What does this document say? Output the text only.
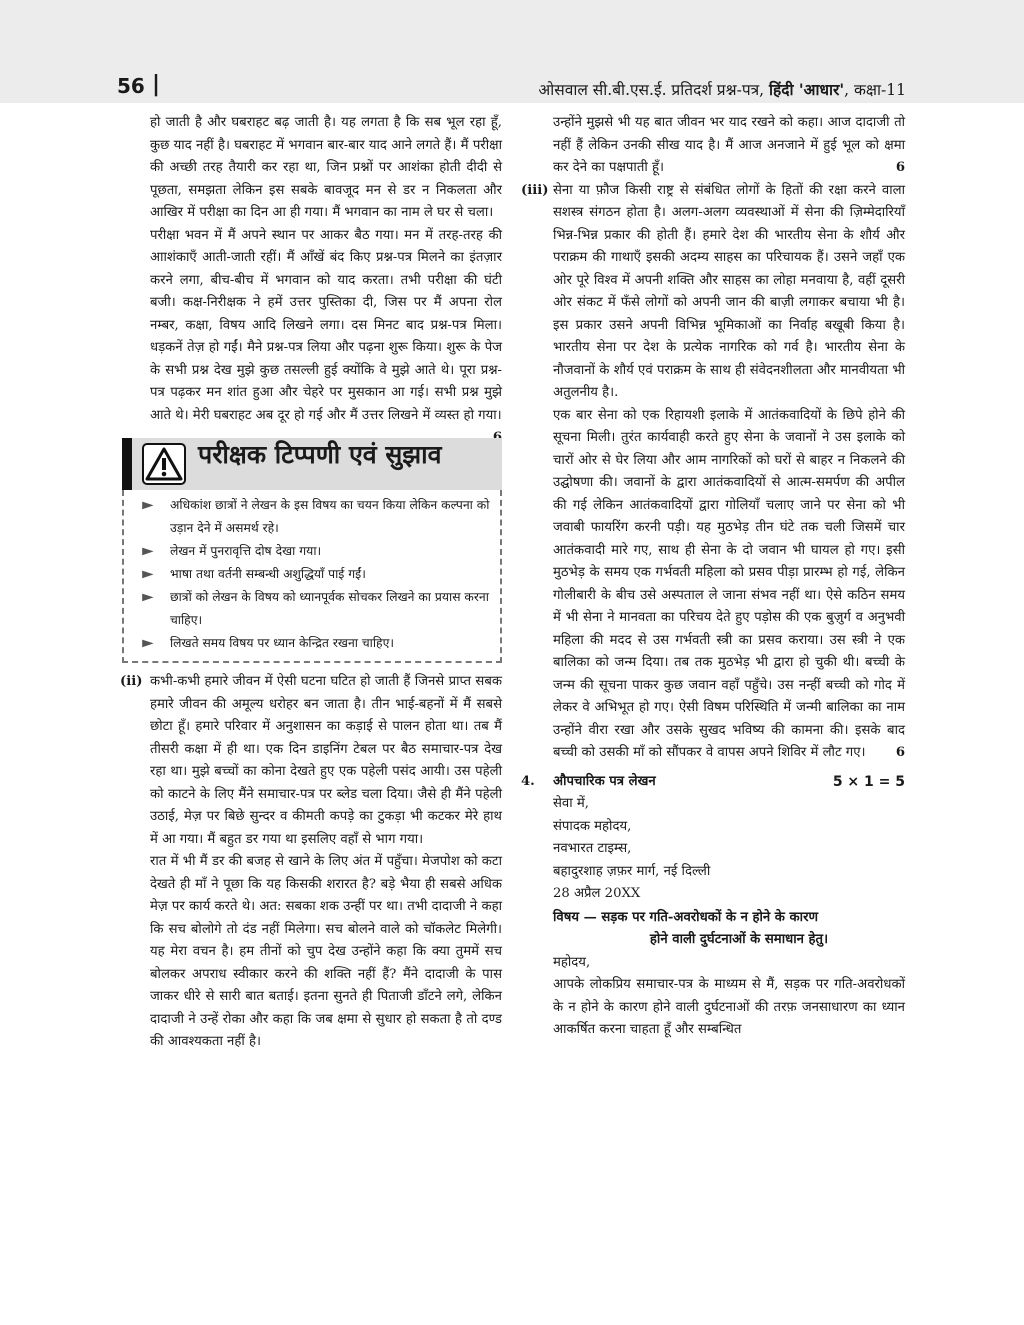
56 |	ओसवाल सी.बी.एस.ई. प्रतिदर्श प्रश्न-पत्र, हिंदी 'आधार', कक्षा-11

हो जाती है और घबराहट बढ़ जाती है। यह लगता है कि सब भूल रहा हूँ, कुछ याद नहीं है। घबराहट में भगवान बार-बार याद आने लगते हैं। मैं परीक्षा की अच्छी तरह तैयारी कर रहा था, जिन प्रश्नों पर आशंका होती दीदी से पूछता, समझता लेकिन इस सबके बावजूद मन से डर न निकलता और आखिर में परीक्षा का दिन आ ही गया। मैं भगवान का नाम ले घर से चला।

परीक्षा भवन में मैं अपने स्थान पर आकर बैठ गया। मन में तरह-तरह की आाशंकाएँ आती-जाती रहीं। मैं आँखें बंद किए प्रश्न-पत्र मिलने का इंतज़ार करने लगा, बीच-बीच में भगवान को याद करता। तभी परीक्षा की घंटी बजी। कक्ष-निरीक्षक ने हमें उत्तर पुस्तिका दी, जिस पर मैं अपना रोल नम्बर, कक्षा, विषय आदि लिखने लगा। दस मिनट बाद प्रश्न-पत्र मिला। धड़कनें तेज़ हो गईं। मैने प्रश्न-पत्र लिया और पढ़ना शुरू किया। शुरू के पेज के सभी प्रश्न देख मुझे कुछ तसल्ली हुई क्योंकि वे मुझे आते थे। पूरा प्रश्न-पत्र पढ़कर मन शांत हुआ और चेहरे पर मुसकान आ गई। सभी प्रश्न मुझे आते थे। मेरी घबराहट अब दूर हो गई और मैं उत्तर लिखने में व्यस्त हो गया।

परीक्षक टिप्पणी एवं सुझाव
▶ अधिकांश छात्रों ने लेखन के इस विषय का चयन किया लेकिन कल्पना को उड़ान देने में असमर्थ रहे।
▶ लेखन में पुनरावृत्ति दोष देखा गया।
▶ भाषा तथा वर्तनी सम्बन्धी अशुद्धियाँ पाई गईं।
▶ छात्रों को लेखन के विषय को ध्यानपूर्वक सोचकर लिखने का प्रयास करना चाहिए।
▶ लिखते समय विषय पर ध्यान केन्द्रित रखना चाहिए।
(ii) कभी-कभी हमारे जीवन में ऐसी घटना घटित हो जाती हैं जिनसे प्राप्त सबक हमारे जीवन की अमूल्य धरोहर बन जाता है। तीन भाई-बहनों में मैं सबसे छोटा हूँ। हमारे परिवार में अनुशासन का कड़ाई से पालन होता था। तब मैं तीसरी कक्षा में ही था। एक दिन डाइनिंग टेबल पर बैठ समाचार-पत्र देख रहा था। मुझे बच्चों का कोना देखते हुए एक पहेली पसंद आयी। उस पहेली को काटने के लिए मैंने समाचार-पत्र पर ब्लेड चला दिया। जैसे ही मैंने पहेली उठाई, मेज़ पर बिछे सुन्दर व कीमती कपड़े का टुकड़ा भी कटकर मेरे हाथ में आ गया। मैं बहुत डर गया था इसलिए वहाँ से भाग गया।

रात में भी मैं डर की बजह से खाने के लिए अंत में पहुँचा। मेजपोश को कटा देखते ही माँ ने पूछा कि यह किसकी शरारत है? बड़े भैया ही सबसे अधिक मेज़ पर कार्य करते थे। अत: सबका शक उन्हीं पर था। तभी दादाजी ने कहा कि सच बोलोगे तो दंड नहीं मिलेगा। सच बोलने वाले को चॉकलेट मिलेगी। यह मेरा वचन है। हम तीनों को चुप देख उन्होंने कहा कि क्या तुममें सच बोलकर अपराध स्वीकार करने की शक्ति नहीं हैं? मैंने दादाजी के पास जाकर धीरे से सारी बात बताई। इतना सुनते ही पिताजी डाँटने लगे, लेकिन दादाजी ने उन्हें रोका और कहा कि जब क्षमा से सुधार हो सकता है तो दण्ड की आवश्यकता नहीं है।

उन्होंने मुझसे भी यह बात जीवन भर याद रखने को कहा। आज दादाजी तो नहीं हैं लेकिन उनकी सीख याद है। मैं आज अनजाने में हुई भूल को क्षमा कर देने का पक्षपाती हूँ।	6

(iii) सेना या फ़ौज किसी राष्ट्र से संबंधित लोगों के हितों की रक्षा करने वाला सशस्त्र संगठन होता है। अलग-अलग व्यवस्थाओं में सेना की ज़िम्मेदारियाँ भिन्न-भिन्न प्रकार की होती हैं। हमारे देश की भारतीय सेना के शौर्य और पराक्रम की गाथाएँ इसकी अदम्य साहस का परिचायक हैं। उसने जहाँ एक ओर पूरे विश्व में अपनी शक्ति और साहस का लोहा मनवाया है, वहीं दूसरी ओर संकट में फँसे लोगों को अपनी जान की बाज़ी लगाकर बचाया भी है। इस प्रकार उसने अपनी विभिन्न भूमिकाओं का निर्वाह बखूबी किया है। भारतीय सेना पर देश के प्रत्येक नागरिक को गर्व है। भारतीय सेना के नौजवानों के शौर्य एवं पराक्रम के साथ ही संवेदनशीलता और मानवीयता भी अतुलनीय है।.

एक बार सेना को एक रिहायशी इलाके में आतंकवादियों के छिपे होने की सूचना मिली। तुरंत कार्यवाही करते हुए सेना के जवानों ने उस इलाके को चारों ओर से घेर लिया और आम नागरिकों को घरों से बाहर न निकलने की उद्घोषणा की। जवानों के द्वारा आतंकवादियों से आत्म-समर्पण की अपील की गई लेकिन आतंकवादियों द्वारा गोलियाँ चलाए जाने पर सेना को भी जवाबी फायरिंग करनी पड़ी। यह मुठभेड़ तीन घंटे तक चली जिसमें चार आतंकवादी मारे गए, साथ ही सेना के दो जवान भी घायल हो गए। इसी मुठभेड़ के समय एक गर्भवती महिला को प्रसव पीड़ा प्रारम्भ हो गई, लेकिन गोलीबारी के बीच उसे अस्पताल ले जाना संभव नहीं था। ऐसे कठिन समय में भी सेना ने मानवता का परिचय देते हुए पड़ोस की एक बुज़ुर्ग व अनुभवी महिला की मदद से उस गर्भवती स्त्री का प्रसव कराया। उस स्त्री ने एक बालिका को जन्म दिया। तब तक मुठभेड़ भी द्वारा हो चुकी थी। बच्ची के जन्म की सूचना पाकर कुछ जवान वहाँ पहुँचे। उस नन्हीं बच्ची को गोद में लेकर वे अभिभूत हो गए। ऐसी विषम परिस्थिति में जन्मी बालिका का नाम उन्होंने वीरा रखा और उसके सुखद भविष्य की कामना की। इसके बाद बच्ची को उसकी माँ को सौंपकर वे वापस अपने शिविर में लौट गए। 6

4. औपचारिक पत्र लेखन	5 × 1 = 5

सेवा में,

संपादक महोदय,

नवभारत टाइम्स,

बहादुरशाह ज़फ़र मार्ग, नई दिल्ली

28 अप्रैल 20XX

विषय — सड़क पर गति-अवरोधकों के न होने के कारण

होने वाली दुर्घटनाओं के समाधान हेतु।

महोदय,

आपके लोकप्रिय समाचार-पत्र के माध्यम से मैं, सड़क पर गति-अवरोधकों के न होने के कारण होने वाली दुर्घटनाओं की तरफ़ जनसाधारण का ध्यान आकर्षित करना चाहता हूँ और सम्बन्धित
